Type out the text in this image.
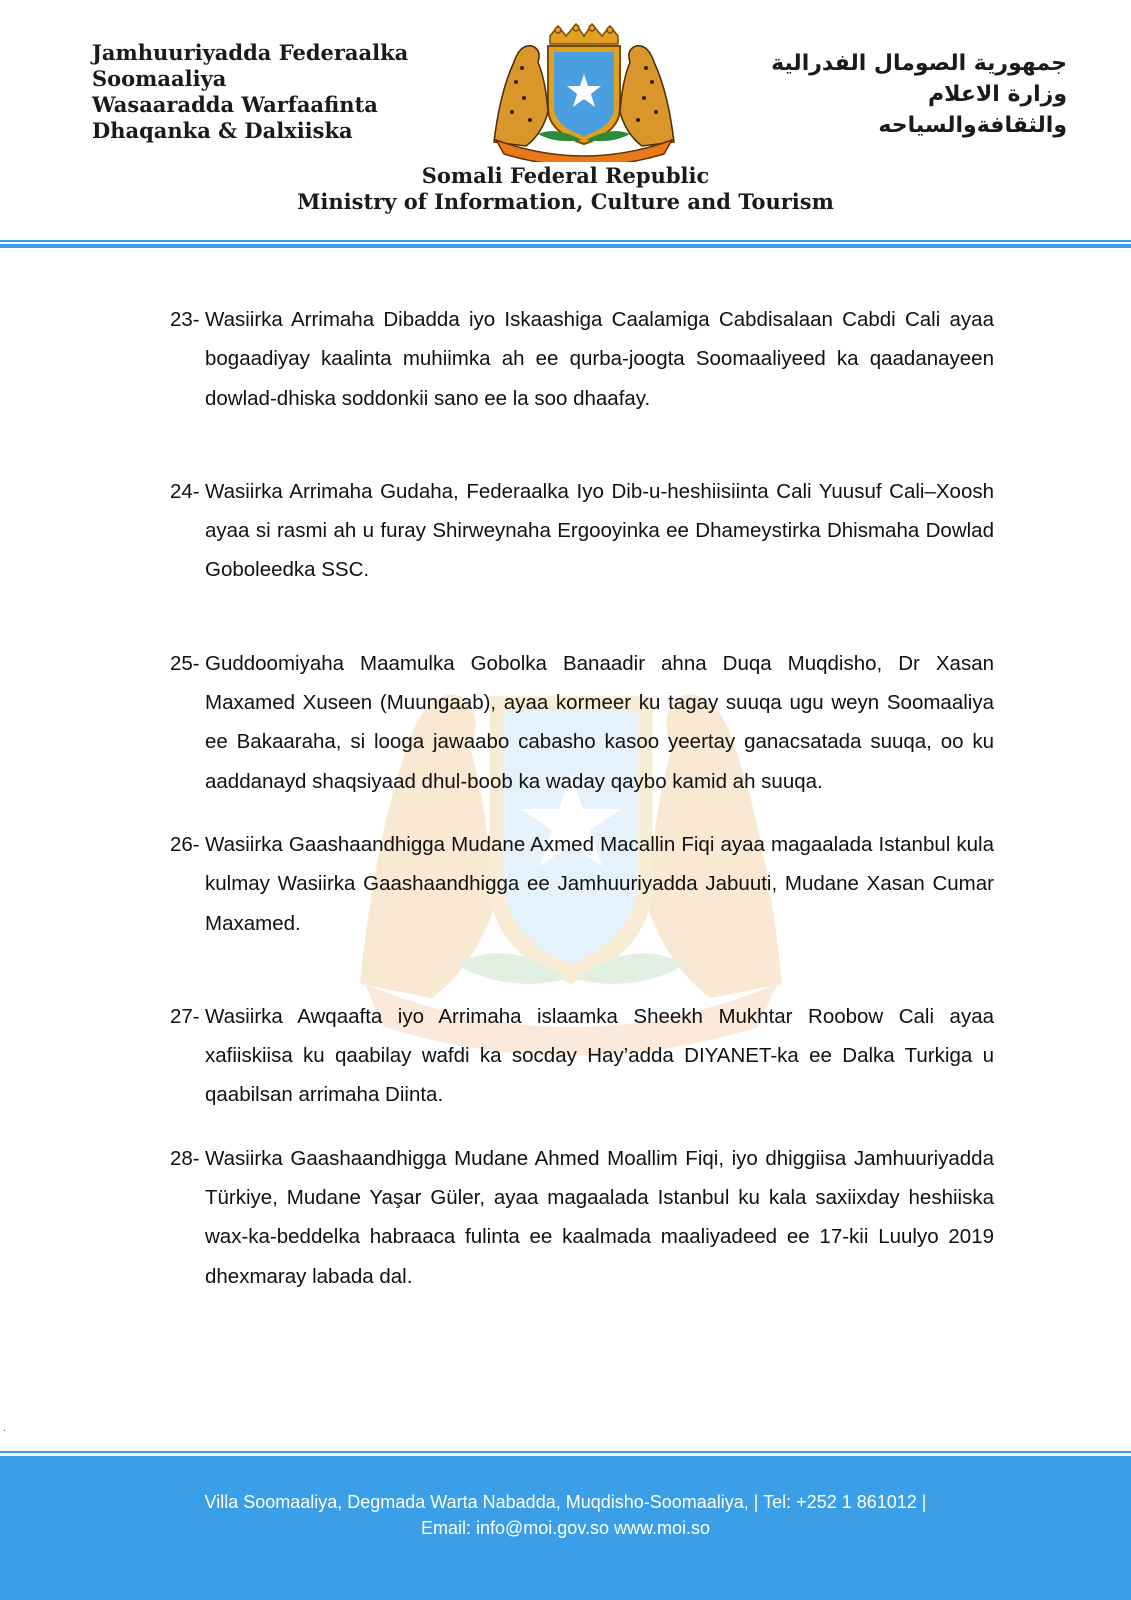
Jamhuuriyadda Federaalka
Soomaaliya
Wasaaradda Warfaafinta
Dhaqanka & Dalxiiska
جمهورية الصومال الفدرالية
وزارة الاعلام
والثقافةوالسياحه
Somali Federal Republic
Ministry of Information, Culture and Tourism
23- Wasiirka Arrimaha Dibadda iyo Iskaashiga Caalamiga Cabdisalaan Cabdi Cali ayaa bogaadiyay kaalinta muhiimka ah ee qurba-joogta Soomaaliyeed ka qaadanayeen dowlad-dhiska soddonkii sano ee la soo dhaafay.
24- Wasiirka Arrimaha Gudaha, Federaalka Iyo Dib-u-heshiisiinta Cali Yuusuf Cali–Xoosh ayaa si rasmi ah u furay Shirweynaha Ergooyinka ee Dhameystirka Dhismaha Dowlad Goboleedka SSC.
25- Guddoomiyaha Maamulka Gobolka Banaadir ahna Duqa Muqdisho, Dr Xasan Maxamed Xuseen (Muungaab), ayaa kormeer ku tagay suuqa ugu weyn Soomaaliya ee Bakaaraha, si looga jawaabo cabasho kasoo yeertay ganacsatada suuqa, oo ku aaddanayd shaqsiyaad dhul-boob ka waday qaybo kamid ah suuqa.
26- Wasiirka Gaashaandhigga Mudane Axmed Macallin Fiqi ayaa magaalada Istanbul kula kulmay Wasiirka Gaashaandhigga ee Jamhuuriyadda Jabuuti, Mudane Xasan Cumar Maxamed.
27- Wasiirka Awqaafta iyo Arrimaha islaamka Sheekh Mukhtar Roobow Cali ayaa xafiiskiisa ku qaabilay wafdi ka socday Hay’adda DIYANET-ka ee Dalka Turkiga u qaabilsan arrimaha Diinta.
28- Wasiirka Gaashaandhigga Mudane Ahmed Moallim Fiqi, iyo dhiggiisa Jamhuuriyadda Türkiye, Mudane Yaşar Güler, ayaa magaalada Istanbul ku kala saxiixday heshiiska wax-ka-beddelka habraaca fulinta ee kaalmada maaliyadeed ee 17-kii Luulyo 2019 dhexmaray labada dal.
.
Villa Soomaaliya, Degmada Warta Nabadda, Muqdisho-Soomaaliya, | Tel: +252 1 861012 |
Email: info@moi.gov.so www.moi.so
